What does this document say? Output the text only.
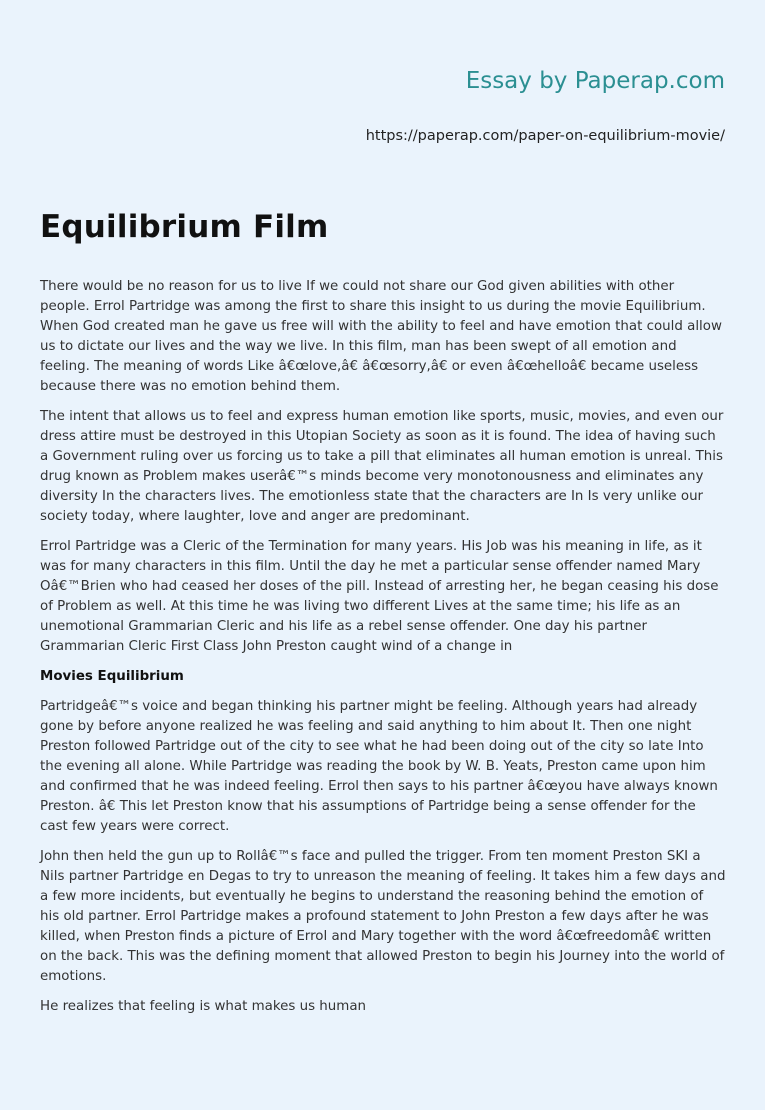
Essay by Paperap.com
https://paperap.com/paper-on-equilibrium-movie/
Equilibrium Film

There would be no reason for us to live If we could not share our God given abilities with other people. Errol Partridge was among the first to share this insight to us during the movie Equilibrium. When God created man he gave us free will with the ability to feel and have emotion that could allow us to dictate our lives and the way we live. In this film, man has been swept of all emotion and feeling. The meaning of words Like â€œlove,â€ â€œsorry,â€ or even â€œhelloâ€ became useless because there was no emotion behind them.

The intent that allows us to feel and express human emotion like sports, music, movies, and even our dress attire must be destroyed in this Utopian Society as soon as it is found. The idea of having such a Government ruling over us forcing us to take a pill that eliminates all human emotion is unreal. This drug known as Problem makes userâ€™s minds become very monotonousness and eliminates any diversity In the characters lives. The emotionless state that the characters are In Is very unlike our society today, where laughter, love and anger are predominant.

Errol Partridge was a Cleric of the Termination for many years. His Job was his meaning in life, as it was for many characters in this film. Until the day he met a particular sense offender named Mary Oâ€™Brien who had ceased her doses of the pill. Instead of arresting her, he began ceasing his dose of Problem as well. At this time he was living two different Lives at the same time; his life as an unemotional Grammarian Cleric and his life as a rebel sense offender. One day his partner Grammarian Cleric First Class John Preston caught wind of a change in

Movies Equilibrium

Partridgeâ€™s voice and began thinking his partner might be feeling. Although years had already gone by before anyone realized he was feeling and said anything to him about It. Then one night Preston followed Partridge out of the city to see what he had been doing out of the city so late Into the evening all alone. While Partridge was reading the book by W. B. Yeats, Preston came upon him and confirmed that he was indeed feeling. Errol then says to his partner â€œyou have always known Preston. â€ This let Preston know that his assumptions of Partridge being a sense offender for the cast few years were correct.

John then held the gun up to Rollâ€™s face and pulled the trigger. From ten moment Preston SKI a Nils partner Partridge en Degas to try to unreason the meaning of feeling. It takes him a few days and a few more incidents, but eventually he begins to understand the reasoning behind the emotion of his old partner. Errol Partridge makes a profound statement to John Preston a few days after he was killed, when Preston finds a picture of Errol and Mary together with the word â€œfreedomâ€ written on the back. This was the defining moment that allowed Preston to begin his Journey into the world of emotions.

He realizes that feeling is what makes us human
